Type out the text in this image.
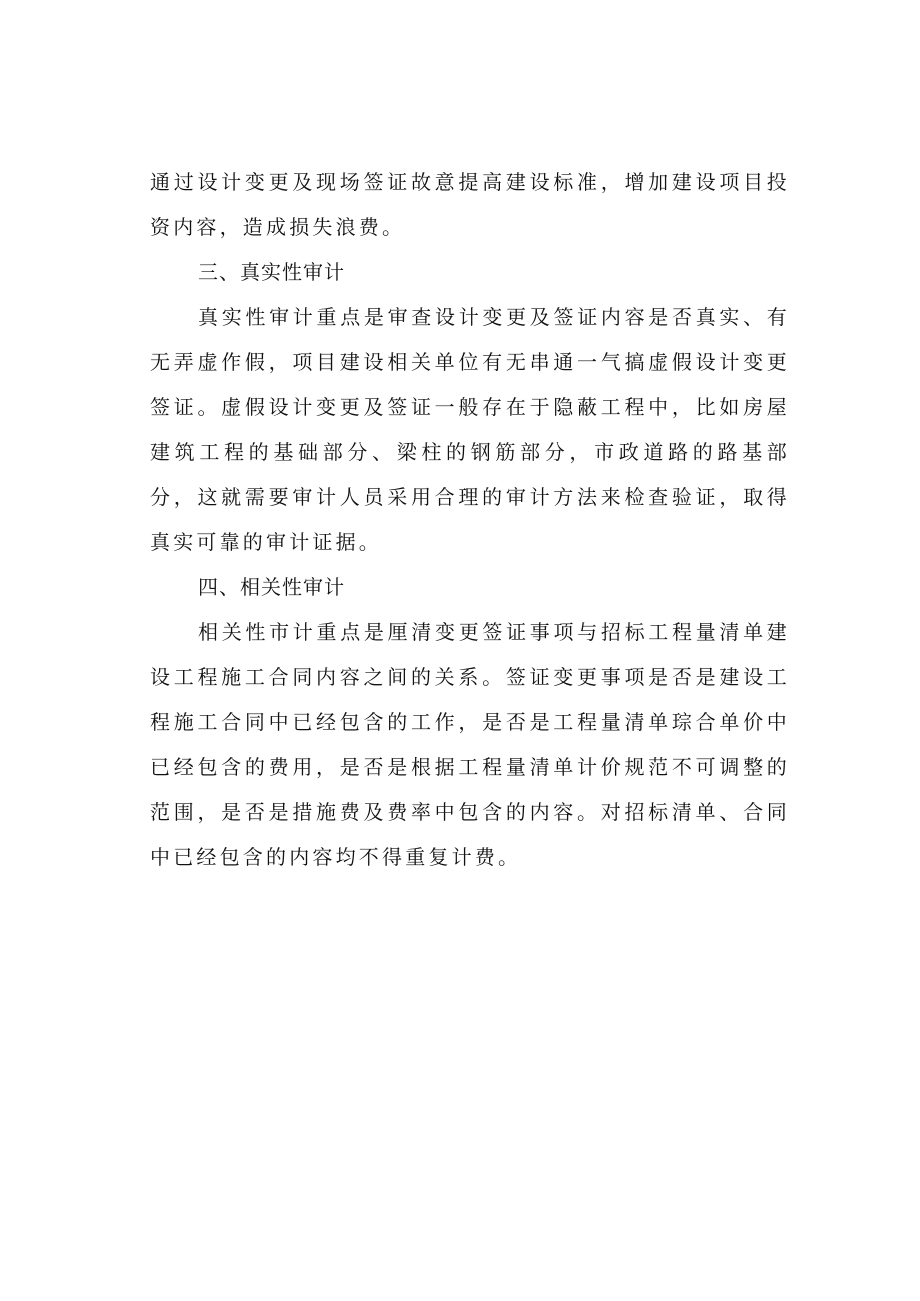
通过设计变更及现场签证故意提高建设标准，增加建设项目投资内容，造成损失浪费。

三、真实性审计

真实性审计重点是审查设计变更及签证内容是否真实、有无弄虚作假，项目建设相关单位有无串通一气搞虚假设计变更签证。虚假设计变更及签证一般存在于隐蔽工程中，比如房屋建筑工程的基础部分、梁柱的钢筋部分，市政道路的路基部分，这就需要审计人员采用合理的审计方法来检查验证，取得真实可靠的审计证据。

四、相关性审计

相关性市计重点是厘清变更签证事项与招标工程量清单建设工程施工合同内容之间的关系。签证变更事项是否是建设工程施工合同中已经包含的工作，是否是工程量清单琮合单价中已经包含的费用，是否是根据工程量清单计价规范不可调整的范围，是否是措施费及费率中包含的内容。对招标清单、合同中已经包含的内容均不得重复计费。
